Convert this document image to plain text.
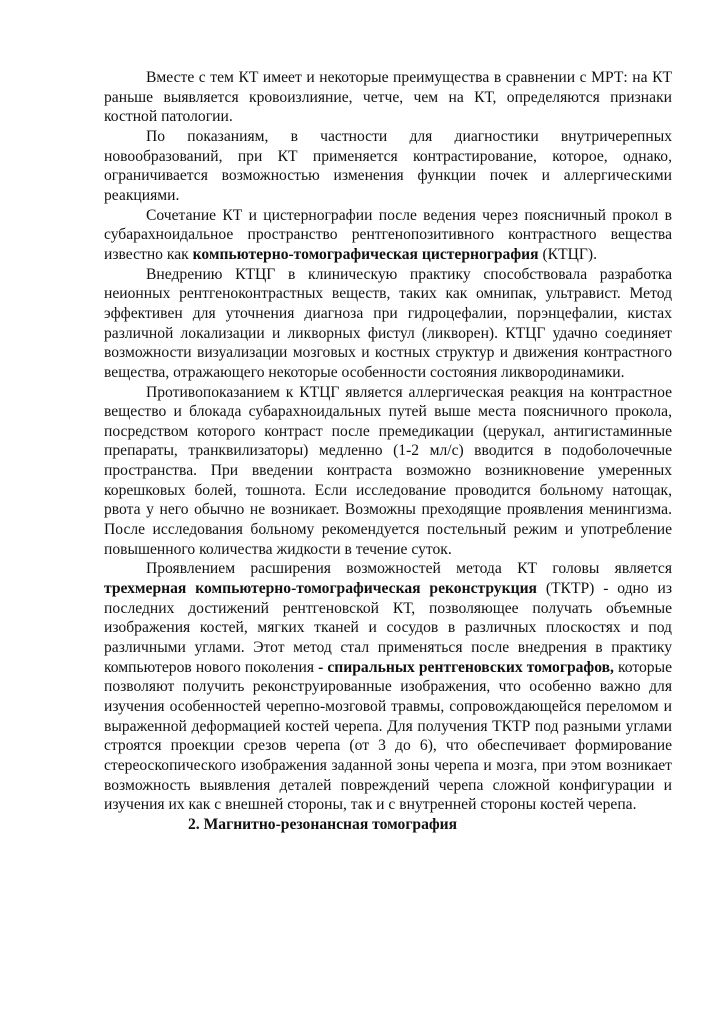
Вместе с тем КТ имеет и некоторые преимущества в сравнении с МРТ: на КТ раньше выявляется кровоизлияние, четче, чем на КТ, определяются признаки костной патологии.

По показаниям, в частности для диагностики внутричерепных новообразований, при КТ применяется контрастирование, которое, однако, ограничивается возможностью изменения функции почек и аллергическими реакциями.

Сочетание КТ и цистернографии после ведения через поясничный прокол в субарахноидальное пространство рентгенопозитивного контрастного вещества известно как компьютерно-томографическая цистернография (КТЦГ).

Внедрению КТЦГ в клиническую практику способствовала разработка неионных рентгеноконтрастных веществ, таких как омнипак, ультравист. Метод эффективен для уточнения диагноза при гидроцефалии, порэнцефалии, кистах различной локализации и ликворных фистул (ликворен). КТЦГ удачно соединяет возможности визуализации мозговых и костных структур и движения контрастного вещества, отражающего некоторые особенности состояния ликвородинамики.

Противопоказанием к КТЦГ является аллергическая реакция на контрастное вещество и блокада субарахноидальных путей выше места поясничного прокола, посредством которого контраст после премедикации (церукал, антигистаминные препараты, транквилизаторы) медленно (1-2 мл/с) вводится в подоболочечные пространства. При введении контраста возможно возникновение умеренных корешковых болей, тошнота. Если исследование проводится больному натощак, рвота у него обычно не возникает. Возможны преходящие проявления менингизма. После исследования больному рекомендуется постельный режим и употребление повышенного количества жидкости в течение суток.

Проявлением расширения возможностей метода КТ головы является трехмерная компьютерно-томографическая реконструкция (ТКТР) - одно из последних достижений рентгеновской КТ, позволяющее получать объемные изображения костей, мягких тканей и сосудов в различных плоскостях и под различными углами. Этот метод стал применяться после внедрения в практику компьютеров нового поколения - спиральных рентгеновских томографов, которые позволяют получить реконструированные изображения, что особенно важно для изучения особенностей черепно-мозговой травмы, сопровождающейся переломом и выраженной деформацией костей черепа. Для получения ТКТР под разными углами строятся проекции срезов черепа (от 3 до 6), что обеспечивает формирование стереоскопического изображения заданной зоны черепа и мозга, при этом возникает возможность выявления деталей повреждений черепа сложной конфигурации и изучения их как с внешней стороны, так и с внутренней стороны костей черепа.

2. Магнитно-резонансная томография
